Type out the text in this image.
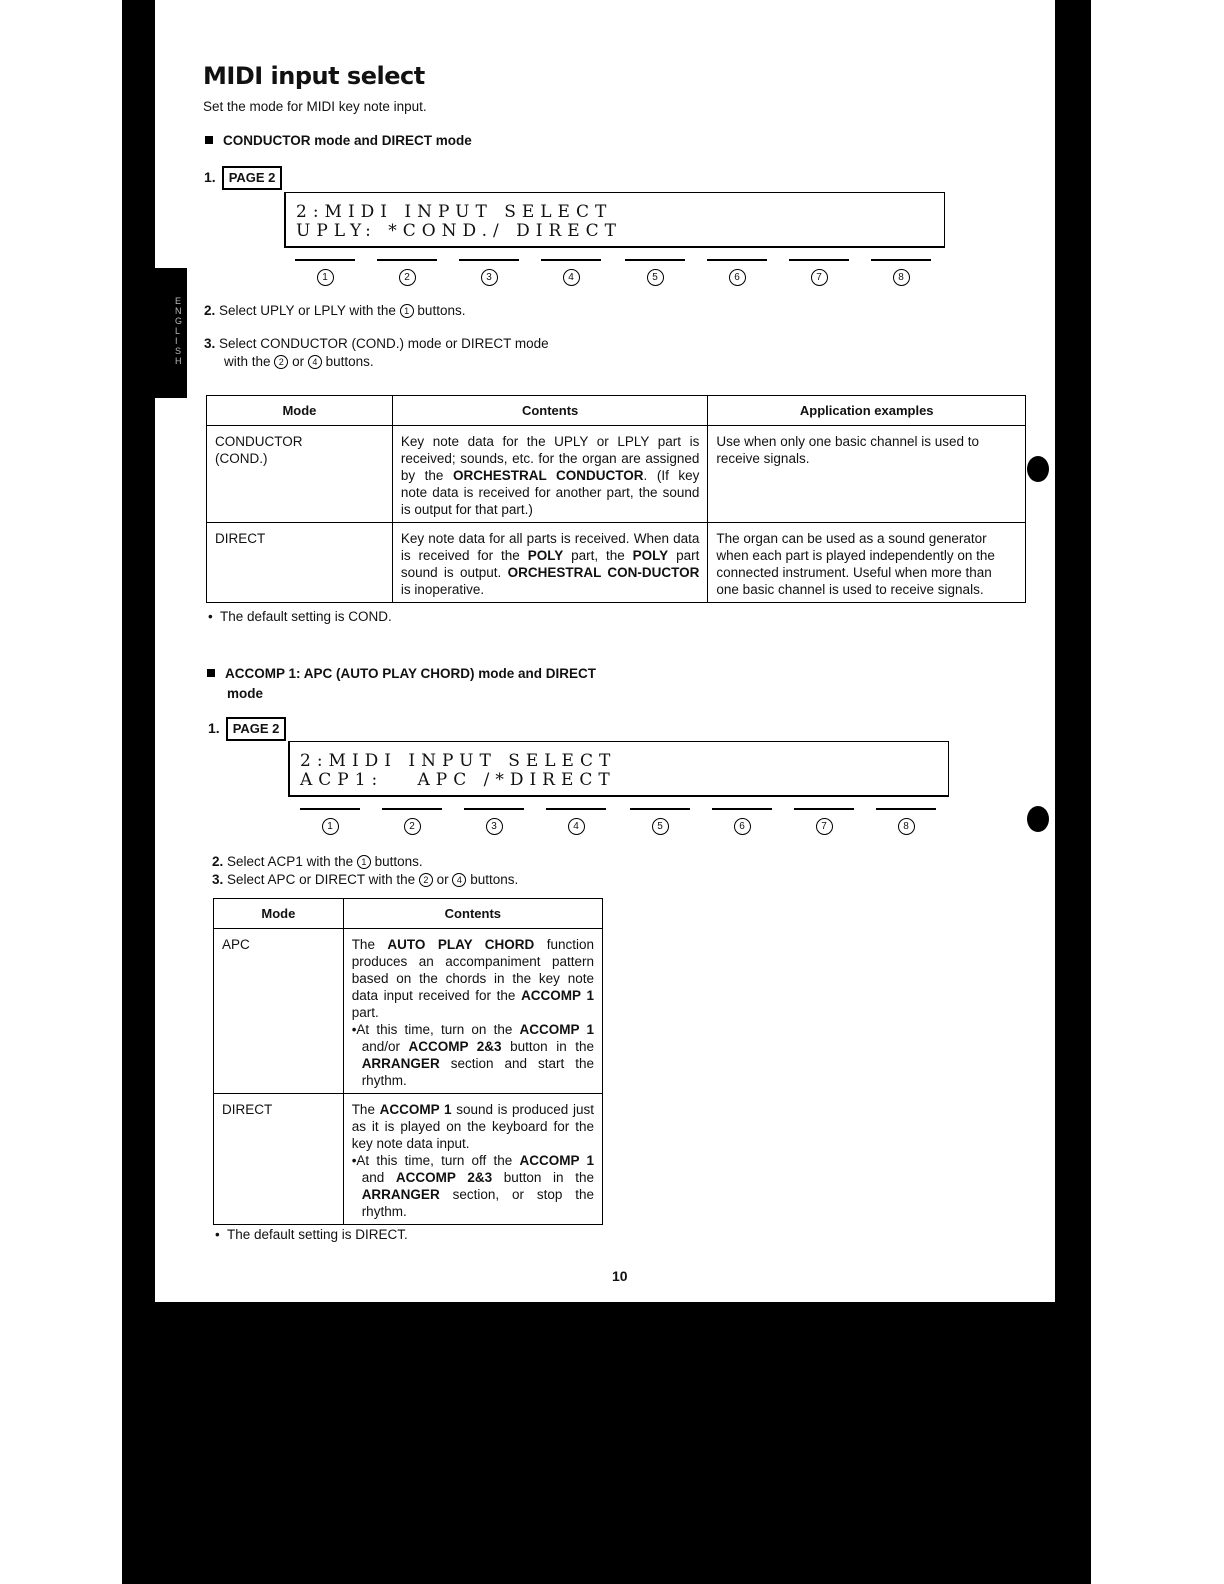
ENGLISH
MIDI input select
Set the mode for MIDI key note input.
CONDUCTOR mode and DIRECT mode
1. PAGE 2
2:MIDI INPUT SELECT
UPLY: *COND./ DIRECT
1	2	3	4	5	6	7	8
2. Select UPLY or LPLY with the 1 buttons.
3. Select CONDUCTOR (COND.) mode or DIRECT mode
with the 2 or 4 buttons.
Mode	Contents	Application examples
CONDUCTOR
(COND.)	Key note data for the UPLY or LPLY part is received; sounds, etc. for the organ are assigned by the ORCHESTRAL CONDUCTOR. (If key note data is received for another part, the sound is output for that part.)	Use when only one basic channel is used to receive signals.
DIRECT	Key note data for all parts is received. When data is received for the POLY part, the POLY part sound is output. ORCHESTRAL CON-DUCTOR is inoperative.	The organ can be used as a sound generator when each part is played independently on the connected instrument. Useful when more than one basic channel is used to receive signals.
•  The default setting is COND.
ACCOMP 1: APC (AUTO PLAY CHORD) mode and DIRECT
mode
1. PAGE 2
2:MIDI INPUT SELECT
ACP1:   APC /*DIRECT
1	2	3	4	5	6	7	8
2. Select ACP1 with the 1 buttons.
3. Select APC or DIRECT with the 2 or 4 buttons.
Mode	Contents
APC	The AUTO PLAY CHORD function produces an accompaniment pattern based on the chords in the key note data input received for the ACCOMP 1 part.
•At this time, turn on the ACCOMP 1 and/or ACCOMP 2&3 button in the ARRANGER section and start the rhythm.

DIRECT	The ACCOMP 1 sound is produced just as it is played on the keyboard for the key note data input.
•At this time, turn off the ACCOMP 1 and ACCOMP 2&3 button in the ARRANGER section, or stop the rhythm.
•  The default setting is DIRECT.
10
